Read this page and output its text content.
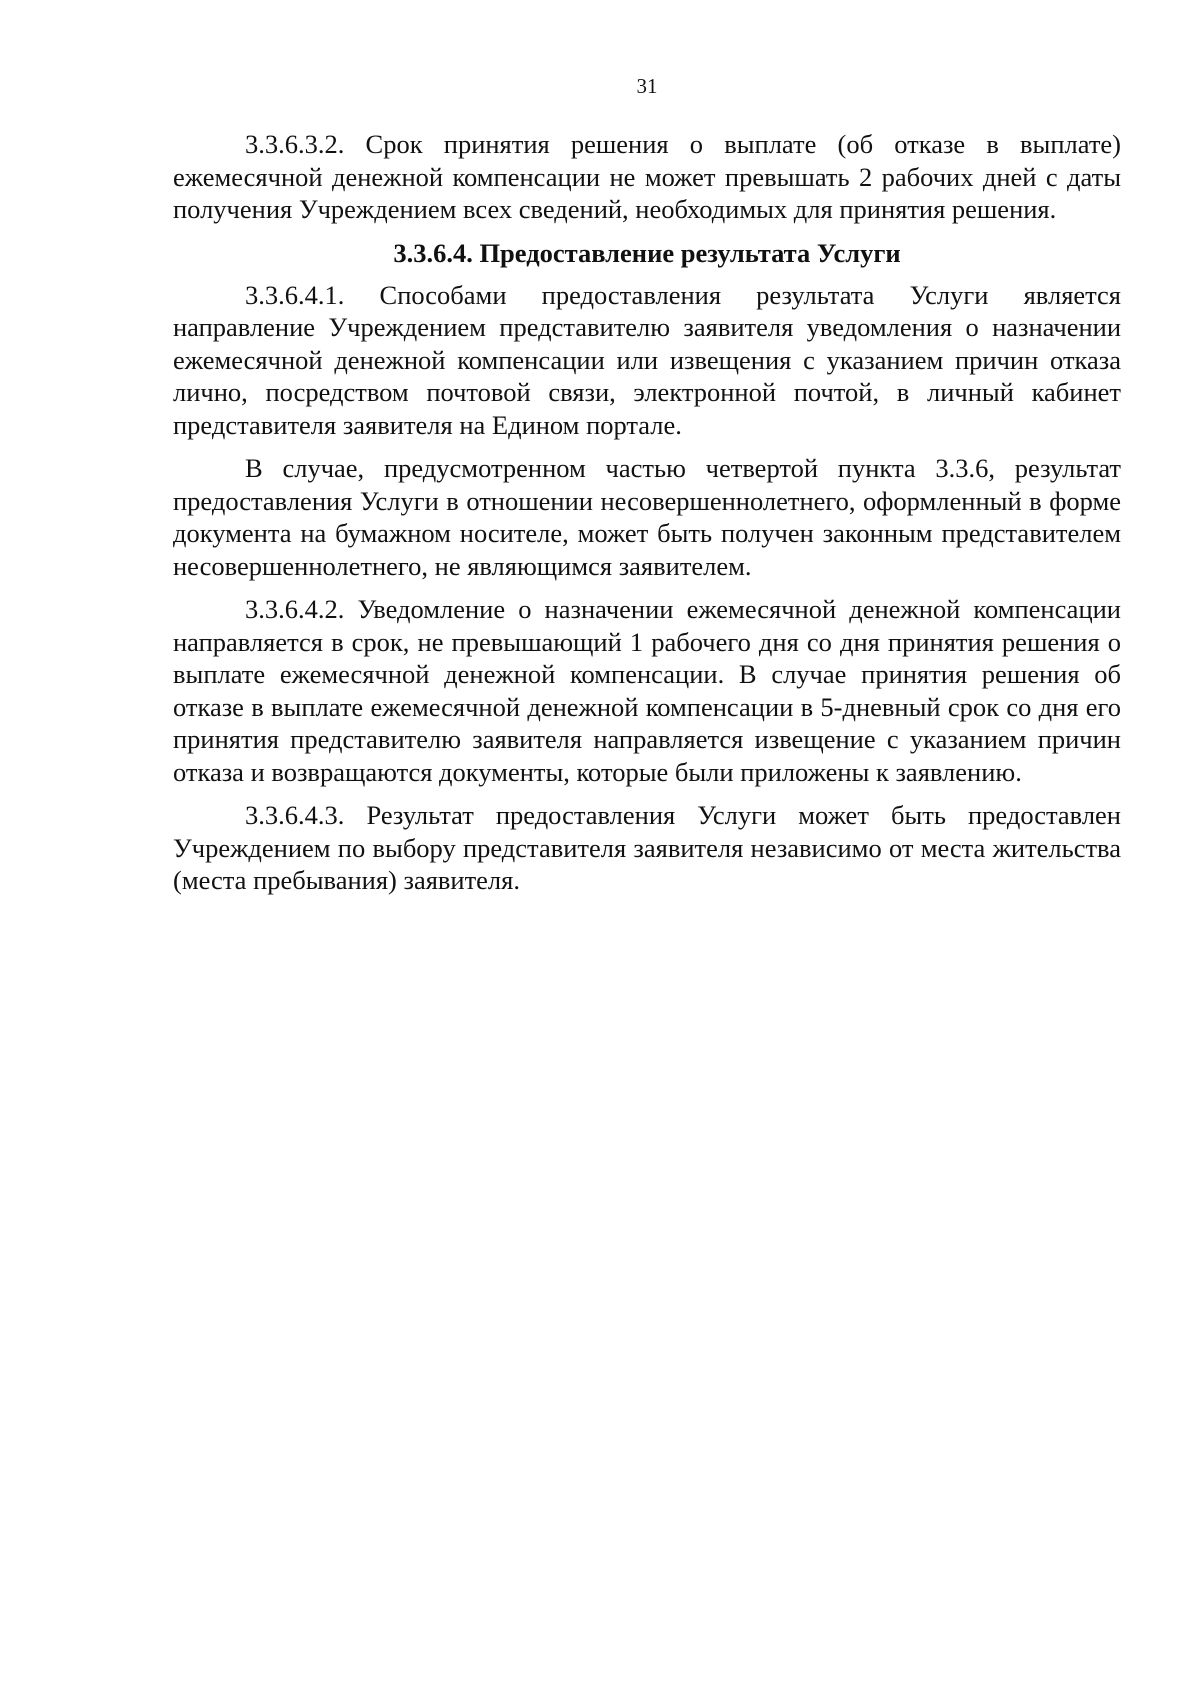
31

3.3.6.3.2. Срок принятия решения о выплате (об отказе в выплате) ежемесячной денежной компенсации не может превышать 2 рабочих дней с даты получения Учреждением всех сведений, необходимых для принятия решения.

3.3.6.4. Предоставление результата Услуги

3.3.6.4.1. Способами предоставления результата Услуги является направление Учреждением представителю заявителя уведомления о назначении ежемесячной денежной компенсации или извещения с указанием причин отказа лично, посредством почтовой связи, электронной почтой, в личный кабинет представителя заявителя на Едином портале.

В случае, предусмотренном частью четвертой пункта 3.3.6, результат предоставления Услуги в отношении несовершеннолетнего, оформленный в форме документа на бумажном носителе, может быть получен законным представителем несовершеннолетнего, не являющимся заявителем.

3.3.6.4.2. Уведомление о назначении ежемесячной денежной компенсации направляется в срок, не превышающий 1 рабочего дня со дня принятия решения о выплате ежемесячной денежной компенсации. В случае принятия решения об отказе в выплате ежемесячной денежной компенсации в 5-дневный срок со дня его принятия представителю заявителя направляется извещение с указанием причин отказа и возвращаются документы, которые были приложены к заявлению.

3.3.6.4.3. Результат предоставления Услуги может быть предоставлен Учреждением по выбору представителя заявителя независимо от места жительства (места пребывания) заявителя.
